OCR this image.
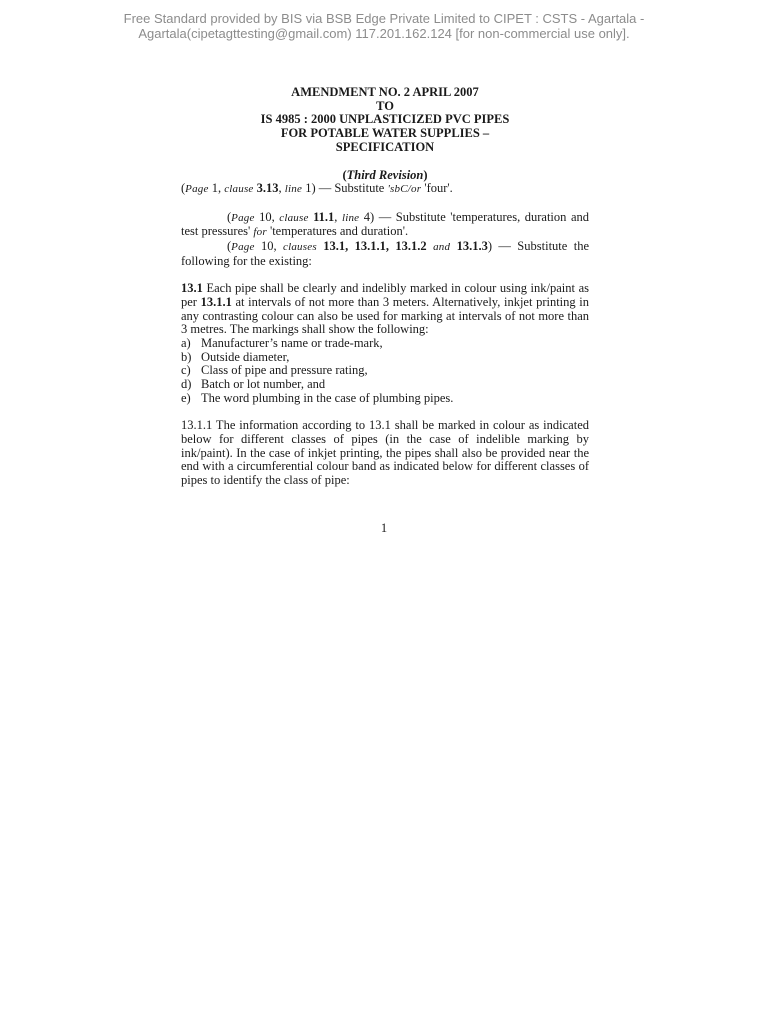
Free Standard provided by BIS via BSB Edge Private Limited to CIPET : CSTS - Agartala -
Agartala(cipetagttesting@gmail.com) 117.201.162.124 [for non-commercial use only].
AMENDMENT NO. 2 APRIL 2007
TO
IS 4985 : 2000 UNPLASTICIZED PVC PIPES
FOR POTABLE WATER SUPPLIES –
SPECIFICATION
(Third Revision)

(Page 1, clause 3.13, line 1) — Substitute 'sbC/or 'four'.

(Page 10, clause 11.1, line 4) — Substitute 'temperatures, duration and test pressures' for 'temperatures and duration'.

(Page 10, clauses 13.1, 13.1.1, 13.1.2 and 13.1.3) — Substitute the following for the existing:

13.1 Each pipe shall be clearly and indelibly marked in colour using ink/paint as per 13.1.1 at intervals of not more than 3 meters. Alternatively, inkjet printing in any contrasting colour can also be used for marking at intervals of not more than 3 metres. The markings shall show the following:

a) Manufacturer’s name or trade-mark,
b) Outside diameter,
c) Class of pipe and pressure rating,
d) Batch or lot number, and
e) The word plumbing in the case of plumbing pipes.

13.1.1 The information according to 13.1 shall be marked in colour as indicated below for different classes of pipes (in the case of indelible marking by ink/paint). In the case of inkjet printing, the pipes shall also be provided near the end with a circumferential colour band as indicated below for different classes of pipes to identify the class of pipe:

1
